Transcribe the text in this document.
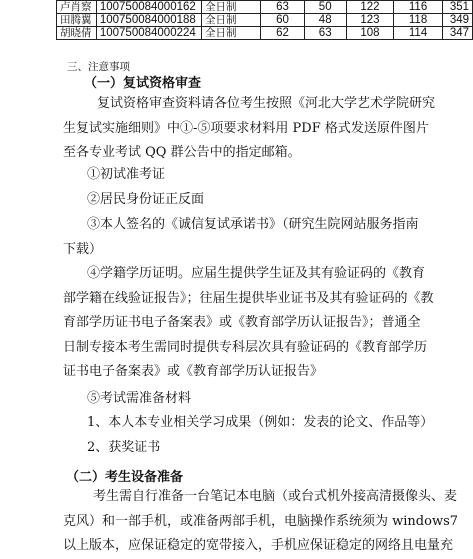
卢肖察	100750084000162	全日制	63	50	122	116	351
田腾翼	100750084000188	全日制	60	48	123	118	349
胡晓倩	100750084000224	全日制	62	63	108	114	347
三、注意事项
（一）复试资格审查
复试资格审查资料请各位考生按照《河北大学艺术学院研究
生复试实施细则》中①-⑤项要求材料用 PDF 格式发送原件图片
至各专业考试 QQ 群公告中的指定邮箱。
①初试准考证
②居民身份证正反面
③本人签名的《诚信复试承诺书》（研究生院网站服务指南
下载）
④学籍学历证明。应届生提供学生证及其有验证码的《教育
部学籍在线验证报告》；往届生提供毕业证书及其有验证码的《教
育部学历证书电子备案表》或《教育部学历认证报告》；普通全
日制专接本考生需同时提供专科层次具有验证码的《教育部学历
证书电子备案表》或《教育部学历认证报告》
⑤考试需准备材料
1、本人本专业相关学习成果（例如：发表的论文、作品等）
2、获奖证书
（二）考生设备准备
考生需自行准备一台笔记本电脑（或台式机外接高清摄像头、麦
克风）和一部手机，或准备两部手机，电脑操作系统须为 windows7
以上版本，应保证稳定的宽带接入，手机应保证稳定的网络且电量充
